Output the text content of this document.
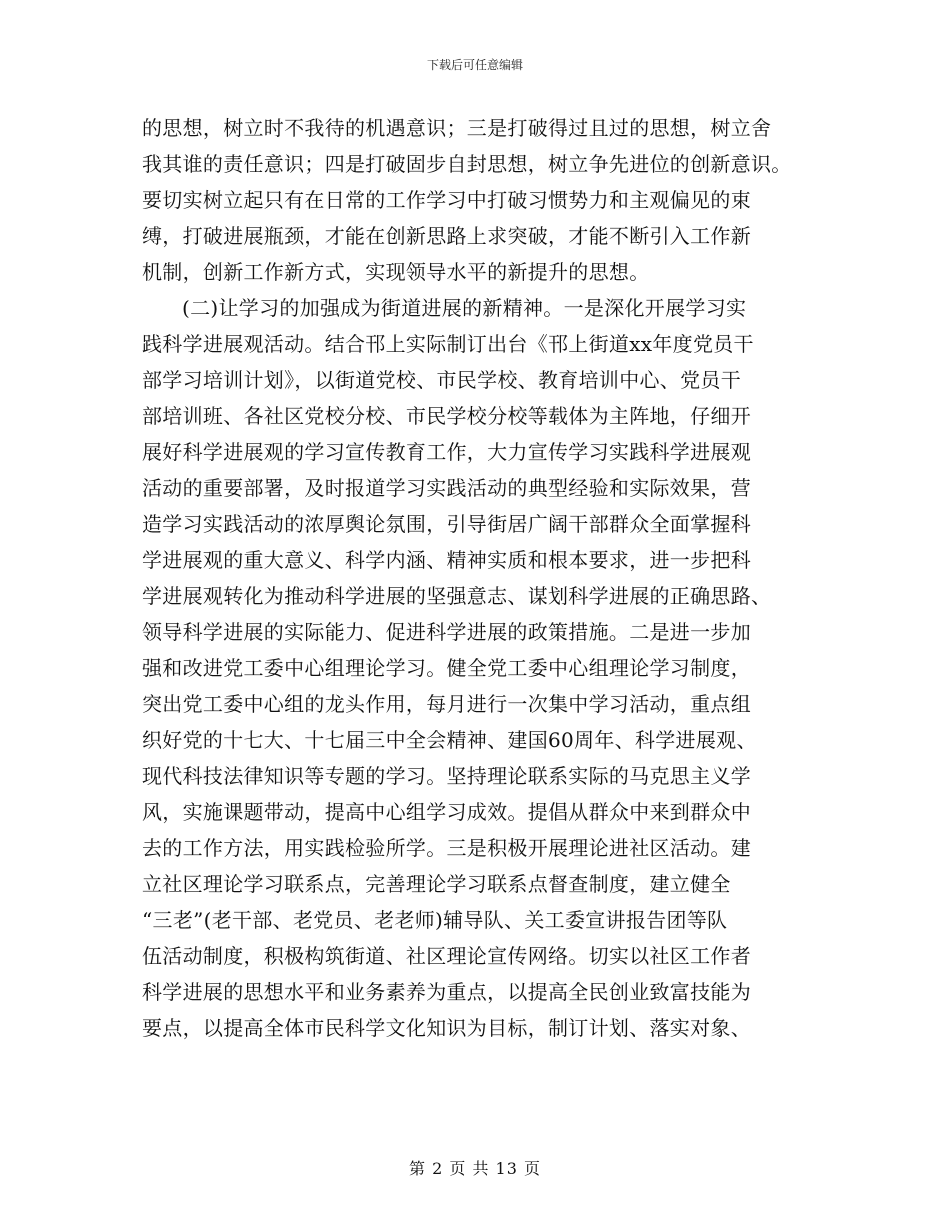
下载后可任意编辑
的思想，树立时不我待的机遇意识；三是打破得过且过的思想，树立舍
我其谁的责任意识；四是打破固步自封思想，树立争先进位的创新意识。
要切实树立起只有在日常的工作学习中打破习惯势力和主观偏见的束
缚，打破进展瓶颈，才能在创新思路上求突破，才能不断引入工作新
机制，创新工作新方式，实现领导水平的新提升的思想。
(二)让学习的加强成为街道进展的新精神。一是深化开展学习实
践科学进展观活动。结合邗上实际制订出台《邗上街道xx年度党员干
部学习培训计划》，以街道党校、市民学校、教育培训中心、党员干
部培训班、各社区党校分校、市民学校分校等载体为主阵地，仔细开
展好科学进展观的学习宣传教育工作，大力宣传学习实践科学进展观
活动的重要部署，及时报道学习实践活动的典型经验和实际效果，营
造学习实践活动的浓厚舆论氛围，引导街居广阔干部群众全面掌握科
学进展观的重大意义、科学内涵、精神实质和根本要求，进一步把科
学进展观转化为推动科学进展的坚强意志、谋划科学进展的正确思路、
领导科学进展的实际能力、促进科学进展的政策措施。二是进一步加
强和改进党工委中心组理论学习。健全党工委中心组理论学习制度，
突出党工委中心组的龙头作用，每月进行一次集中学习活动，重点组
织好党的十七大、十七届三中全会精神、建国60周年、科学进展观、
现代科技法律知识等专题的学习。坚持理论联系实际的马克思主义学
风，实施课题带动，提高中心组学习成效。提倡从群众中来到群众中
去的工作方法，用实践检验所学。三是积极开展理论进社区活动。建
立社区理论学习联系点，完善理论学习联系点督查制度，建立健全
“三老”(老干部、老党员、老老师)辅导队、关工委宣讲报告团等队
伍活动制度，积极构筑街道、社区理论宣传网络。切实以社区工作者
科学进展的思想水平和业务素养为重点，以提高全民创业致富技能为
要点，以提高全体市民科学文化知识为目标，制订计划、落实对象、
第 2 页 共 13 页
